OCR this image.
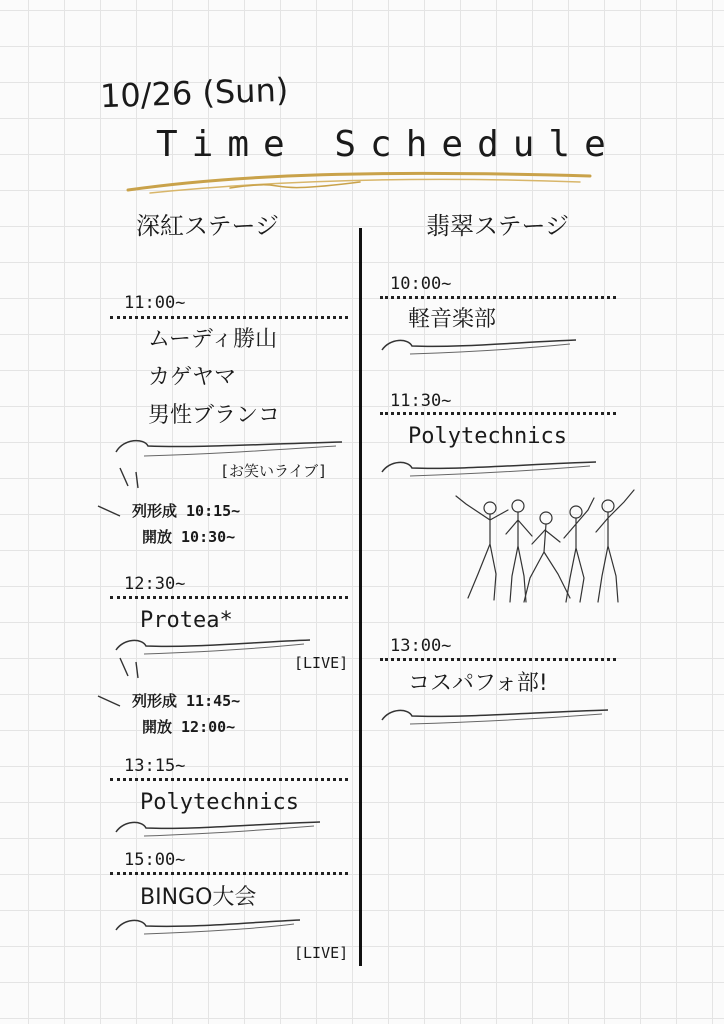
10/26 (Sun)
Time Schedule
深紅ステージ	翡翠ステージ
11:00~
ムーディ勝山
カゲヤマ
男性ブランコ
[お笑いライブ]
列形成 10:15~
開放 10:30~
12:30~
Protea*
[LIVE]
列形成 11:45~
開放 12:00~
13:15~
Polytechnics
15:00~
BINGO大会
[LIVE]
10:00~
軽音楽部
11:30~
Polytechnics
13:00~
コスパフォ部!
